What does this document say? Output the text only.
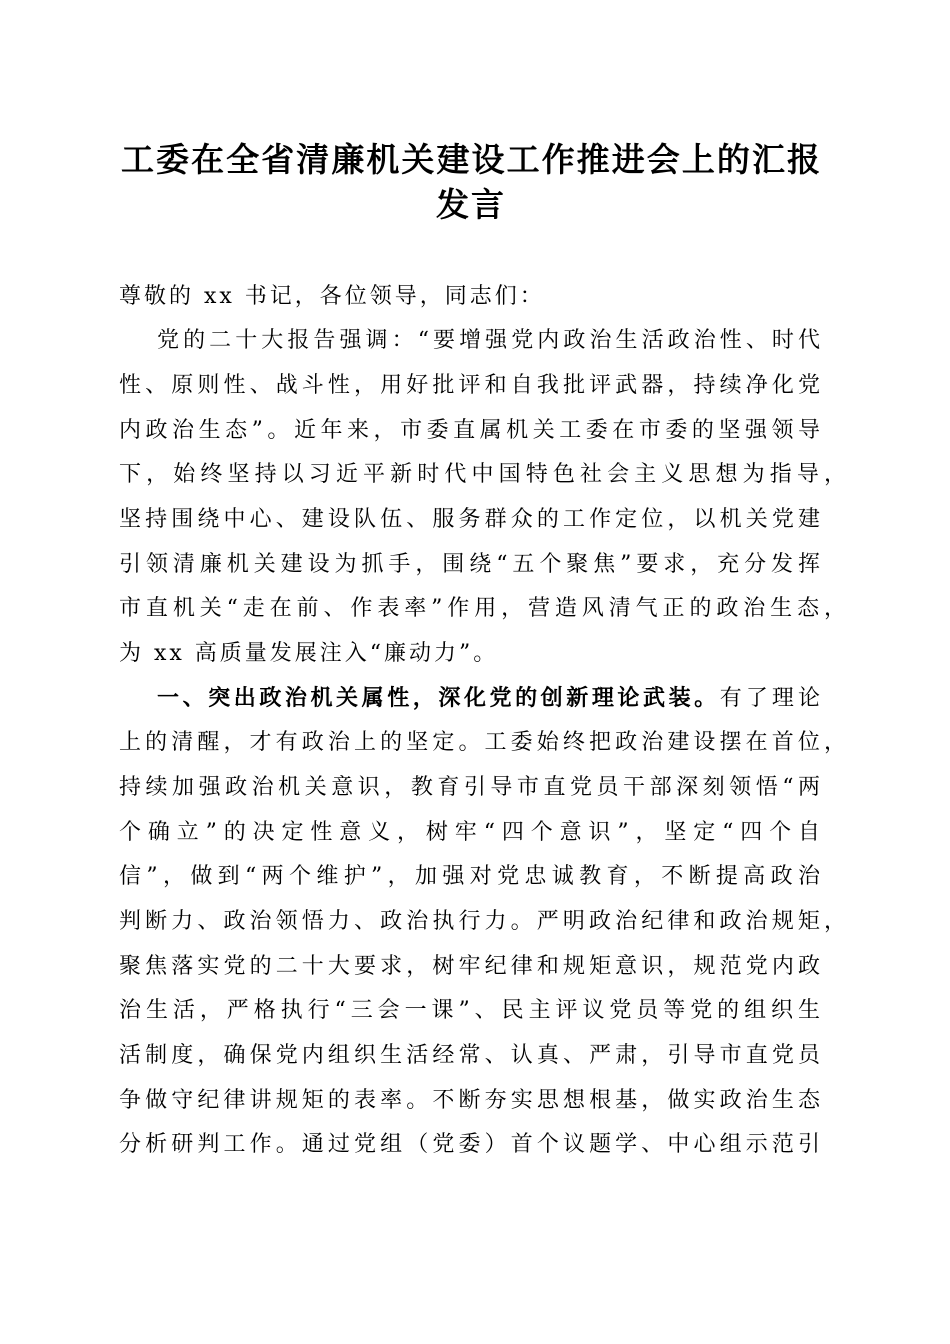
工委在全省清廉机关建设工作推进会上的汇报
发言
尊敬的 xx 书记，各位领导，同志们：
党的二十大报告强调：“要增强党内政治生活政治性、时代
性、原则性、战斗性，用好批评和自我批评武器，持续净化党
内政治生态”。近年来，市委直属机关工委在市委的坚强领导
下，始终坚持以习近平新时代中国特色社会主义思想为指导，
坚持围绕中心、建设队伍、服务群众的工作定位，以机关党建
引领清廉机关建设为抓手，围绕“五个聚焦”要求，充分发挥
市直机关“走在前、作表率”作用，营造风清气正的政治生态，
为 xx 高质量发展注入“廉动力”。
一、突出政治机关属性，深化党的创新理论武装。有了理论
上的清醒，才有政治上的坚定。工委始终把政治建设摆在首位，
持续加强政治机关意识，教育引导市直党员干部深刻领悟“两
个确立”的决定性意义，树牢“四个意识”，坚定“四个自
信”，做到“两个维护”，加强对党忠诚教育，不断提高政治
判断力、政治领悟力、政治执行力。严明政治纪律和政治规矩，
聚焦落实党的二十大要求，树牢纪律和规矩意识，规范党内政
治生活，严格执行“三会一课”、民主评议党员等党的组织生
活制度，确保党内组织生活经常、认真、严肃，引导市直党员
争做守纪律讲规矩的表率。不断夯实思想根基，做实政治生态
分析研判工作。通过党组（党委）首个议题学、中心组示范引
